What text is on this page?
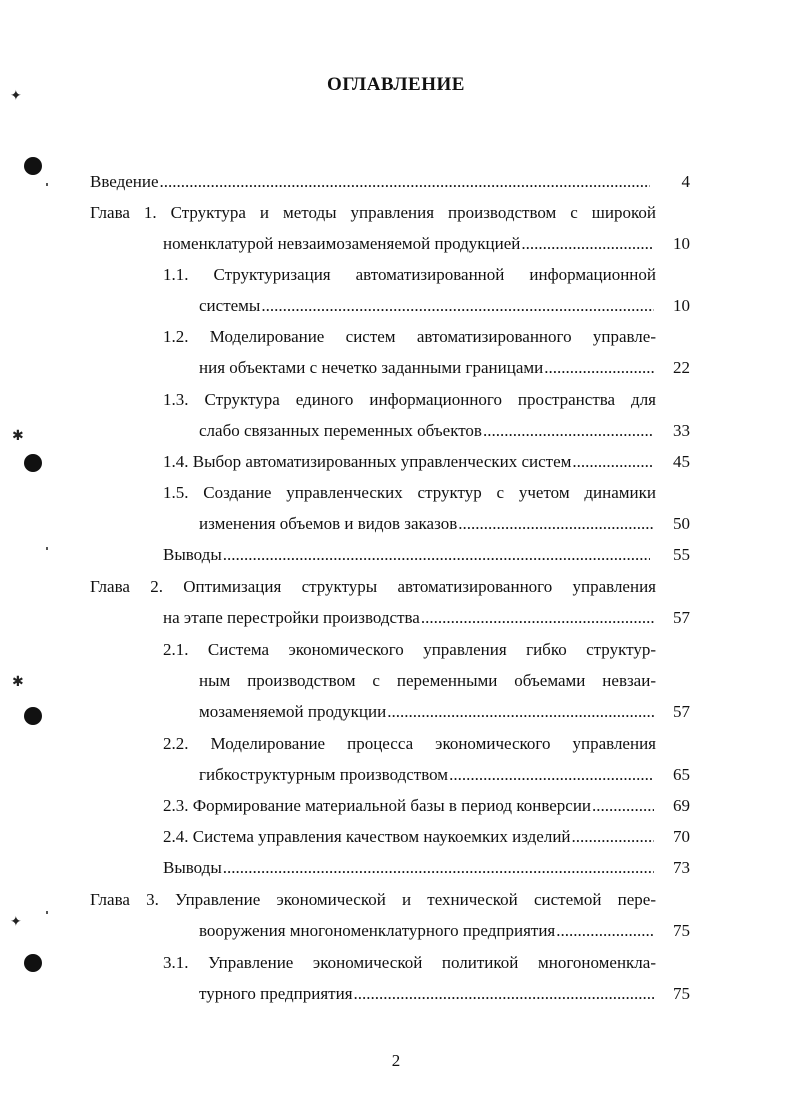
✦
✱
✱
✦
ОГЛАВЛЕНИЕ
Введение .....	4
Глава 1. Структура и методы управления производством с широкой
номенклатурой невзаимозаменяемой продукцией .....	10
1.1. Структуризация автоматизированной информационной
системы .....	10
1.2. Моделирование систем автоматизированного управле-
ния объектами с нечетко заданными границами .....	22
1.3. Структура единого информационного пространства для
слабо связанных переменных объектов .....	33
1.4. Выбор автоматизированных управленческих систем .....	45
1.5. Создание управленческих структур с учетом динамики
изменения объемов и видов заказов .....	50
Выводы .....	55
Глава 2. Оптимизация структуры автоматизированного управления
на этапе перестройки производства .....	57
2.1. Система экономического управления гибко структур-
ным производством с переменными объемами невзаи-
мозаменяемой продукции .....	57
2.2. Моделирование процесса экономического управления
гибкоструктурным производством .....	65
2.3. Формирование материальной базы в период конверсии .....	69
2.4. Система управления качеством наукоемких изделий .....	70
Выводы .....	73
Глава 3. Управление экономической и технической системой пере-
вооружения многономенклатурного предприятия .....	75
3.1. Управление экономической политикой многономенкла-
турного предприятия .....	75
2
